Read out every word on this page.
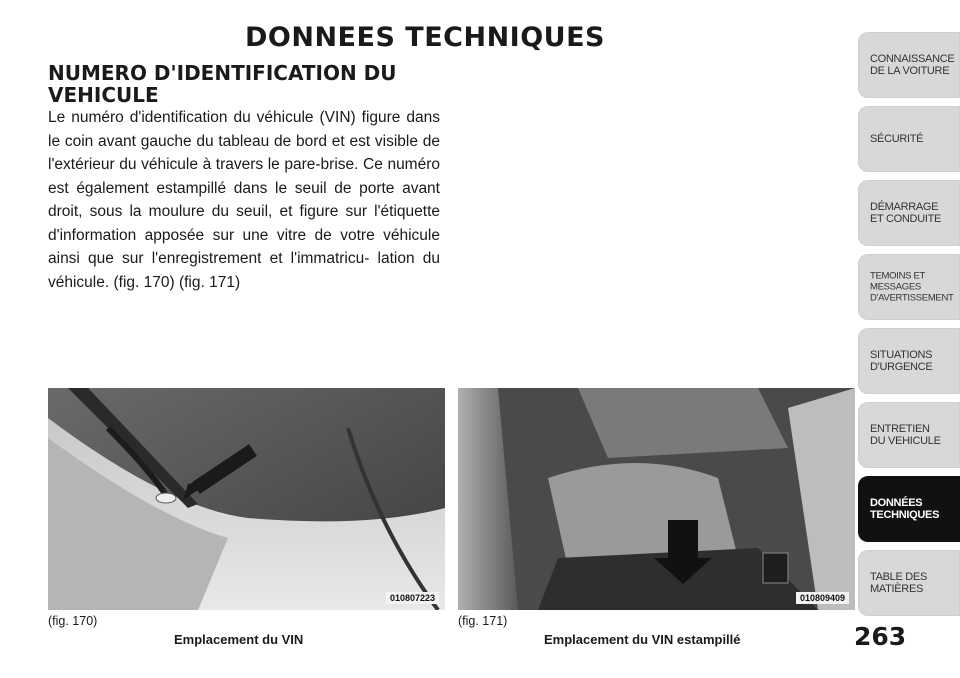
DONNEES TECHNIQUES
NUMERO D'IDENTIFICATION DU VEHICULE
Le numéro d'identification du véhicule (VIN) figure dans le coin avant gauche du tableau de bord et est visible de l'extérieur du véhicule à travers le pare-brise. Ce numéro est également estampillé dans le seuil de porte avant droit, sous la moulure du seuil, et figure sur l'étiquette d'information apposée sur une vitre de votre véhicule ainsi que sur l'enregistrement et l'immatricu- lation du véhicule. (fig. 170) (fig. 171)
010807223	010809409
(fig. 170)
Emplacement du VIN
(fig. 171)
Emplacement du VIN estampillé	263
CONNAISSANCE
DE LA VOITURE
SÉCURITÉ
DÉMARRAGE
ET CONDUITE
TEMOINS ET
MESSAGES
D'AVERTISSEMENT
SITUATIONS
D'URGENCE
ENTRETIEN
DU VEHICULE
DONNÉES
TECHNIQUES
TABLE DES
MATIÈRES
